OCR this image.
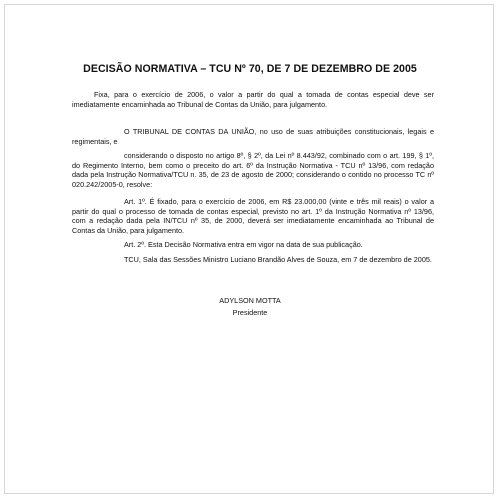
DECISÃO NORMATIVA – TCU Nº 70, DE 7 DE DEZEMBRO DE 2005

Fixa, para o exercício de 2006, o valor a partir do qual a tomada de contas especial deve ser imediatamente encaminhada ao Tribunal de Contas da União, para julgamento.

O TRIBUNAL DE CONTAS DA UNIÃO, no uso de suas atribuições constitucionais, legais e regimentais, e

considerando o disposto no artigo 8º, § 2º, da Lei nº 8.443/92, combinado com o art. 199, § 1º, do Regimento Interno, bem como o preceito do art. 6º da Instrução Normativa - TCU nº 13/96, com redação dada pela Instrução Normativa/TCU n. 35, de 23 de agosto de 2000; considerando o contido no processo TC nº 020.242/2005-0, resolve:

Art. 1º. É fixado, para o exercício de 2006, em R$ 23.000,00 (vinte e três mil reais) o valor a partir do qual o processo de tomada de contas especial, previsto no art. 1º da Instrução Normativa nº 13/96, com a redação dada pela IN/TCU nº 35, de 2000, deverá ser imediatamente encaminhada ao Tribunal de Contas da União, para julgamento.

Art. 2º. Esta Decisão Normativa entra em vigor na data de sua publicação.

TCU, Sala das Sessões Ministro Luciano Brandão Alves de Souza, em 7 de dezembro de 2005.

ADYLSON MOTTA
Presidente
